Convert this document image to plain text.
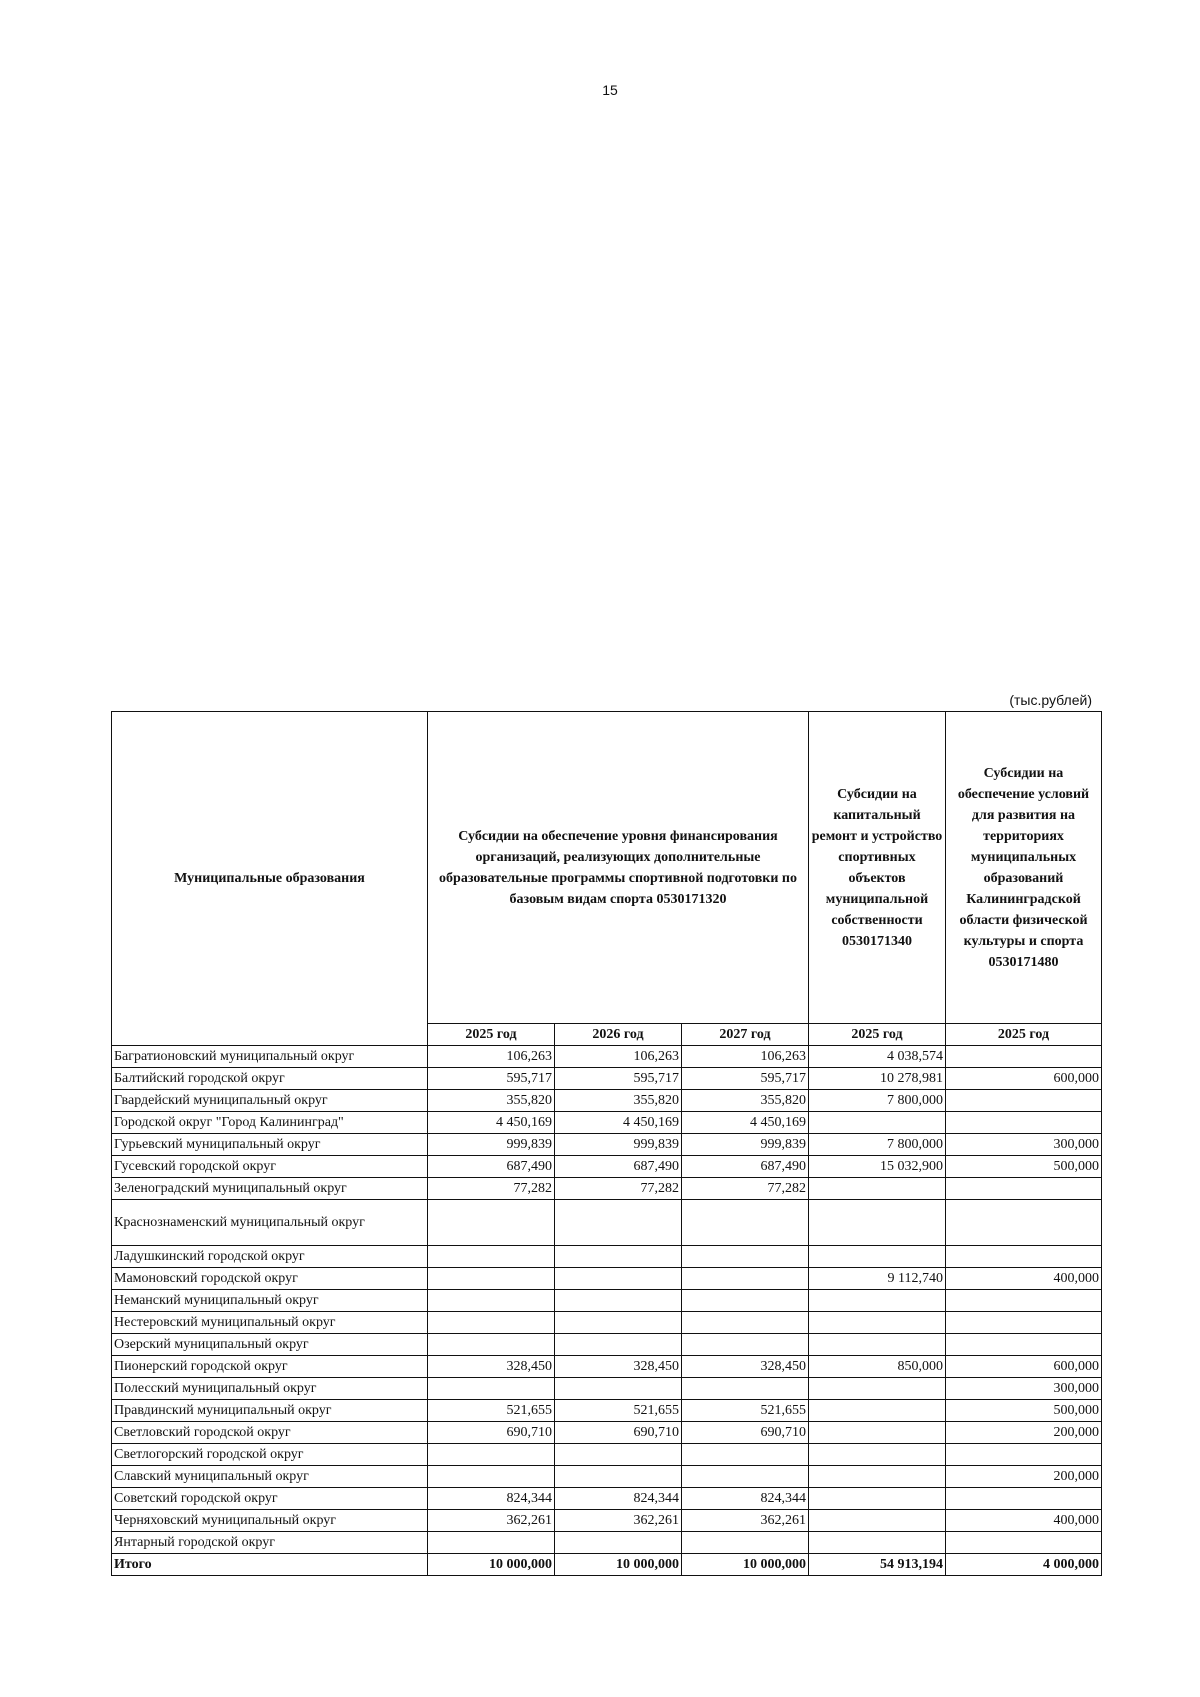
15
(тыс.рублей)
Муниципальные образования	Субсидии на обеспечение уровня финансирования организаций, реализующих дополнительные образовательные программы спортивной подготовки по базовым видам спорта 0530171320			Субсидии на капитальный ремонт и устройство спортивных объектов муниципальной собственности 0530171340	Субсидии на обеспечение условий для развития на территориях муниципальных образований Калининградской области физической культуры и спорта 0530171480
	2025 год	2026 год	2027 год	2025 год	2025 год
Багратионовский муниципальный округ	106,263	106,263	106,263	4 038,574	
Балтийский городской округ	595,717	595,717	595,717	10 278,981	600,000
Гвардейский муниципальный округ	355,820	355,820	355,820	7 800,000	
Городской округ "Город Калининград"	4 450,169	4 450,169	4 450,169		
Гурьевский муниципальный округ	999,839	999,839	999,839	7 800,000	300,000
Гусевский городской округ	687,490	687,490	687,490	15 032,900	500,000
Зеленоградский муниципальный округ	77,282	77,282	77,282		
Краснознаменский муниципальный округ					
Ладушкинский городской округ					
Мамоновский городской округ				9 112,740	400,000
Неманский муниципальный округ					
Нестеровский муниципальный округ					
Озерский муниципальный округ					
Пионерский городской округ	328,450	328,450	328,450	850,000	600,000
Полесский муниципальный округ					300,000
Правдинский муниципальный округ	521,655	521,655	521,655		500,000
Светловский городской округ	690,710	690,710	690,710		200,000
Светлогорский городской округ					
Славский муниципальный округ					200,000
Советский городской округ	824,344	824,344	824,344		
Черняховский муниципальный округ	362,261	362,261	362,261		400,000
Янтарный городской округ					
Итого	10 000,000	10 000,000	10 000,000	54 913,194	4 000,000
